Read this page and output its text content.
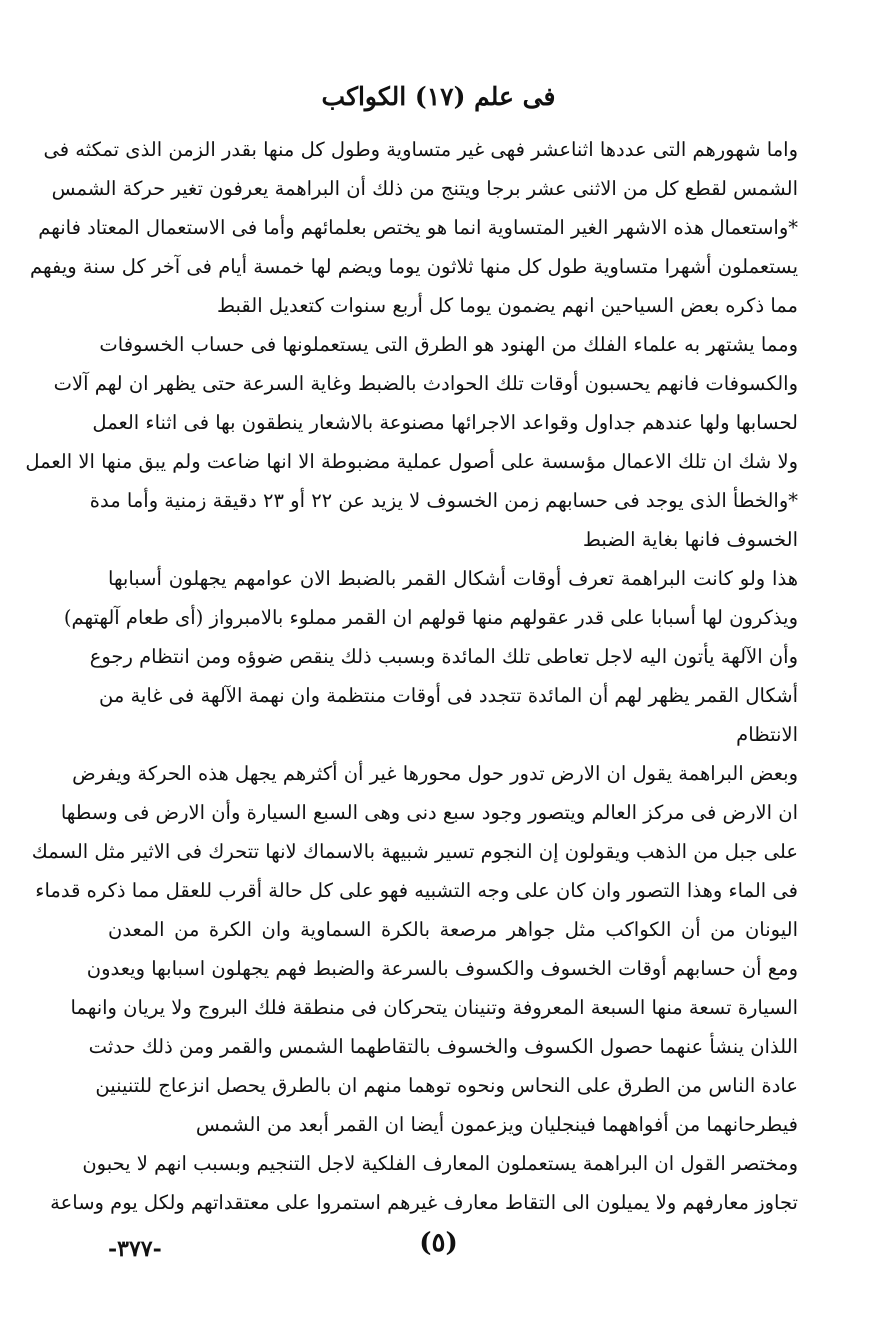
فى علم (١٧) الكواكب
واما شهورهم التى عددها اثناعشر فهى غير متساوية وطول كل منها بقدر الزمن الذى تمكثه فى
الشمس لقطع كل من الاثنى عشر برجا ويتنج من ذلك أن البراهمة يعرفون تغير حركة الشمس
*واستعمال هذه الاشهر الغير المتساوية انما هو يختص بعلمائهم وأما فى الاستعمال المعتاد فانهم
يستعملون أشهرا متساوية طول كل منها ثلاثون يوما ويضم لها خمسة أيام فى آخر كل سنة ويفهم
مما ذكره بعض السياحين انهم يضمون يوما كل أربع سنوات كتعديل القبط
ومما يشتهر به علماء الفلك من الهنود هو الطرق التى يستعملونها فى حساب الخسوفات
والكسوفات فانهم يحسبون أوقات تلك الحوادث بالضبط وغاية السرعة حتى يظهر ان لهم آلات
لحسابها ولها عندهم جداول وقواعد الاجرائها مصنوعة بالاشعار ينطقون بها فى اثناء العمل
ولا شك ان تلك الاعمال مؤسسة على أصول عملية مضبوطة الا انها ضاعت ولم يبق منها الا العمل
*والخطأ الذى يوجد فى حسابهم زمن الخسوف لا يزيد عن ٢٢ أو ٢٣ دقيقة زمنية وأما مدة
الخسوف فانها بغاية الضبط
هذا ولو كانت البراهمة تعرف أوقات أشكال القمر بالضبط الان عوامهم يجهلون أسبابها
ويذكرون لها أسبابا على قدر عقولهم منها قولهم ان القمر مملوء بالامبرواز (أى طعام آلهتهم)
وأن الآلهة يأتون اليه لاجل تعاطى تلك المائدة وبسبب ذلك ينقص ضوؤه ومن انتظام رجوع
أشكال القمر يظهر لهم أن المائدة تتجدد فى أوقات منتظمة وان نهمة الآلهة فى غاية من
الانتظام
وبعض البراهمة يقول ان الارض تدور حول محورها غير أن أكثرهم يجهل هذه الحركة ويفرض
ان الارض فى مركز العالم ويتصور وجود سبع دنى وهى السبع السيارة وأن الارض فى وسطها
على جبل من الذهب ويقولون إن النجوم تسير شبيهة بالاسماك لانها تتحرك فى الاثير مثل السمك
فى الماء وهذا التصور وان كان على وجه التشبيه فهو على كل حالة أقرب للعقل مما ذكره قدماء
اليونان من أن الكواكب مثل جواهر مرصعة بالكرة السماوية وان الكرة من المعدن
ومع أن حسابهم أوقات الخسوف والكسوف بالسرعة والضبط فهم يجهلون اسبابها ويعدون
السيارة تسعة منها السبعة المعروفة وتنينان يتحركان فى منطقة فلك البروج ولا يريان وانهما
اللذان ينشأ عنهما حصول الكسوف والخسوف بالتقاطهما الشمس والقمر ومن ذلك حدثت
عادة الناس من الطرق على النحاس ونحوه توهما منهم ان بالطرق يحصل انزعاج للتنينين
فيطرحانهما من أفواههما فينجليان ويزعمون أيضا ان القمر أبعد من الشمس
ومختصر القول ان البراهمة يستعملون المعارف الفلكية لاجل التنجيم وبسبب انهم لا يحبون
تجاوز معارفهم ولا يميلون الى التقاط معارف غيرهم استمروا على معتقداتهم ولكل يوم وساعة
(٥)
-٣٧٧-
